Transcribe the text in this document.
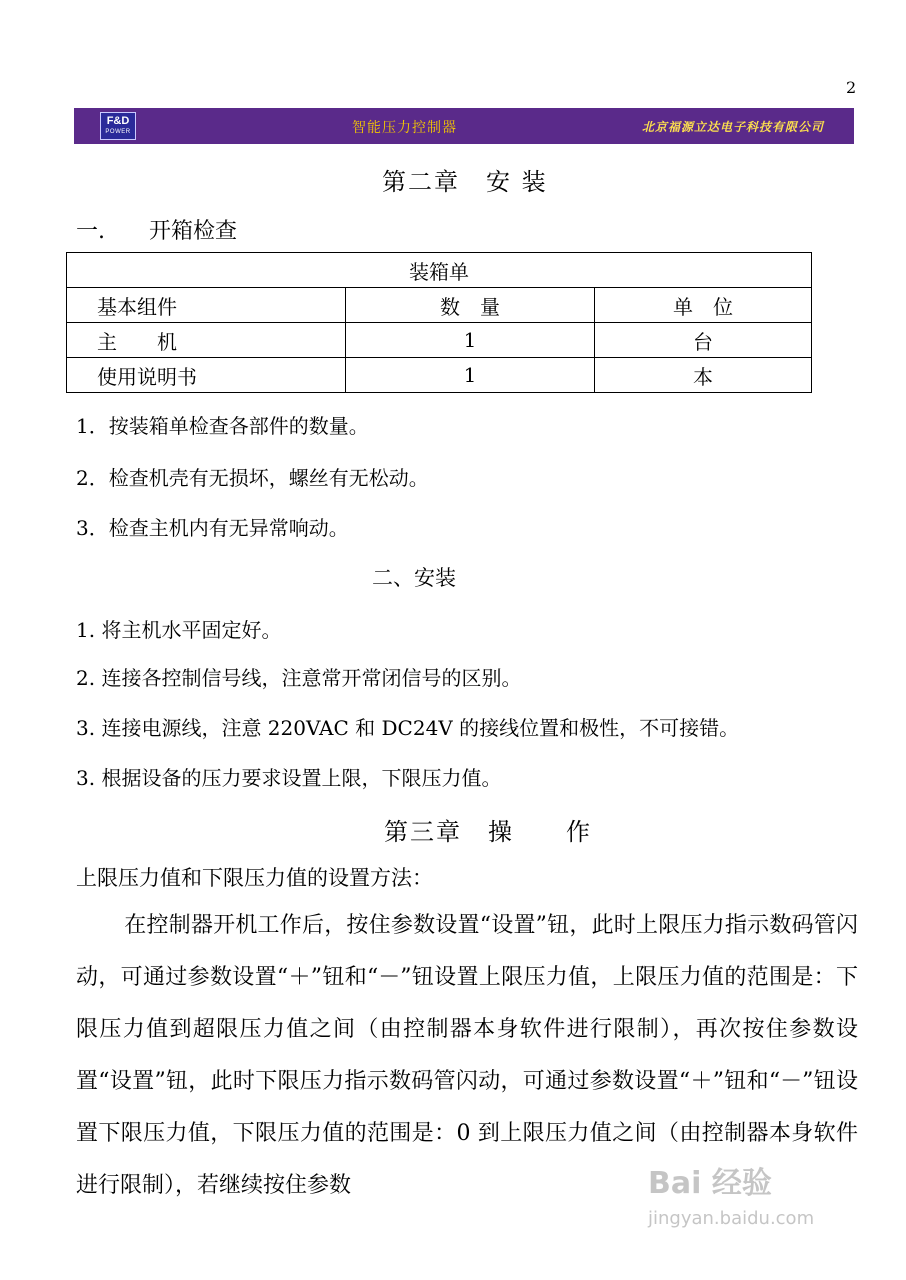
2
F&D
POWER	智能压力控制器	北京福源立达电子科技有限公司
第二章　安 装
一.　　开箱检查
装箱单		
基本组件	数　量	单　位
主　　机	1	台
使用说明书	1	本
1．按装箱单检查各部件的数量。
2．检查机壳有无损坏，螺丝有无松动。
3．检查主机内有无异常响动。
二、安装
1. 将主机水平固定好。
2. 连接各控制信号线，注意常开常闭信号的区别。
3. 连接电源线，注意 220VAC 和 DC24V 的接线位置和极性，不可接错。
3. 根据设备的压力要求设置上限，下限压力值。
第三章　操　　作
上限压力值和下限压力值的设置方法：
在控制器开机工作后，按住参数设置“设置”钮，此时上限压力指示数码管闪动，可通过参数设置“＋”钮和“－”钮设置上限压力值，上限压力值的范围是：下限压力值到超限压力值之间（由控制器本身软件进行限制），再次按住参数设置“设置”钮，此时下限压力指示数码管闪动，可通过参数设置“＋”钮和“－”钮设置下限压力值，下限压力值的范围是：0 到上限压力值之间（由控制器本身软件进行限制），若继续按住参数	Bai 经验
jingyan.baidu.com
